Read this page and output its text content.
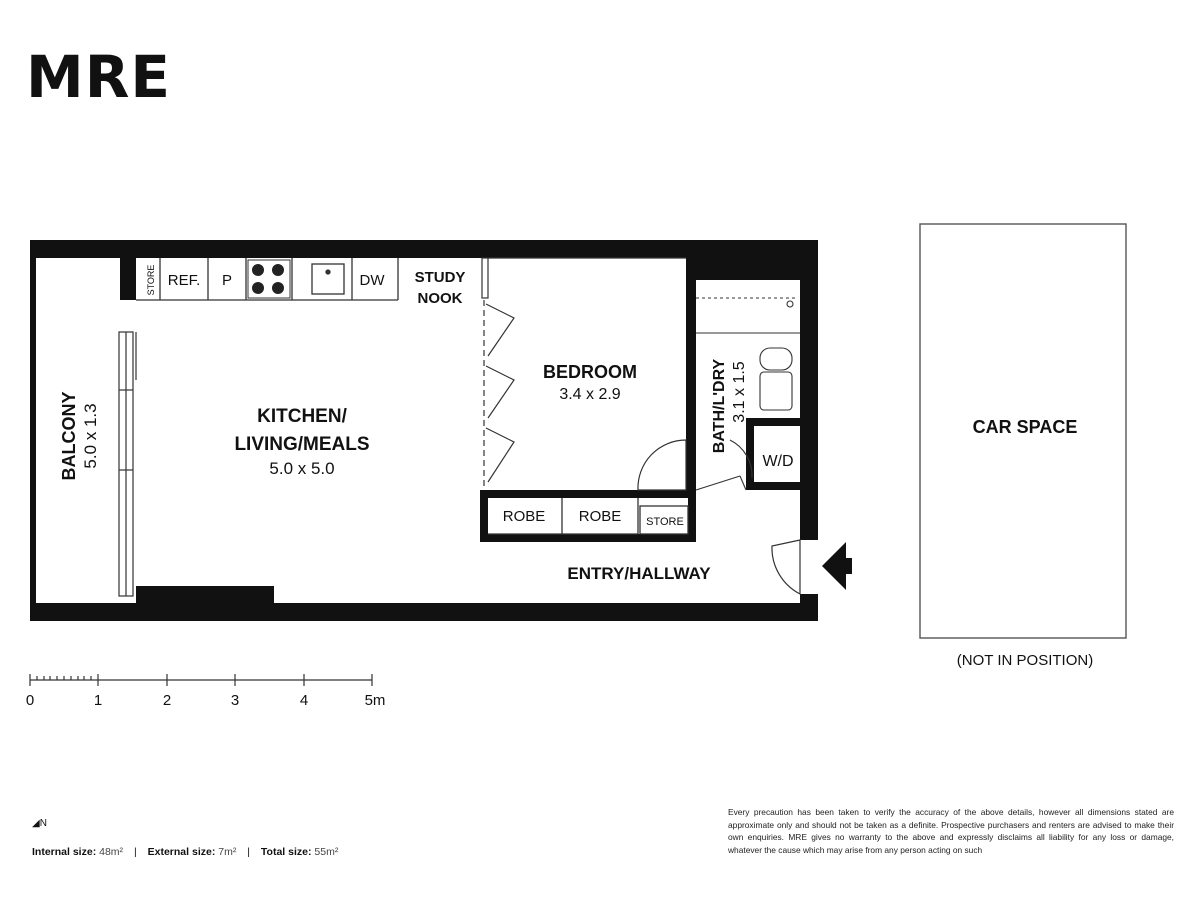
MRE
STORE REF. P	DW STUDY
NOOK
BEDROOM
3.4 x 2.9
ROBE ROBE STORE
BATH/L'DRY 3.1 x 1.5
W/D
KITCHEN/
LIVING/MEALS
5.0 x 5.0
BALCONY 5.0 x 1.3
ENTRY/HALLWAY
CAR SPACE
(NOT IN POSITION)
0	1	2	3	4	5m
◢N
Internal size: 48m² | External size: 7m² | Total size: 55m²
Every precaution has been taken to verify the accuracy of the above details, however all dimensions stated are approximate only and should not be taken as a definite. Prospective purchasers and renters are advised to make their own enquiries. MRE gives no warranty to the above and expressly disclaims all liability for any loss or damage, whatever the cause which may arise from any person acting on such
